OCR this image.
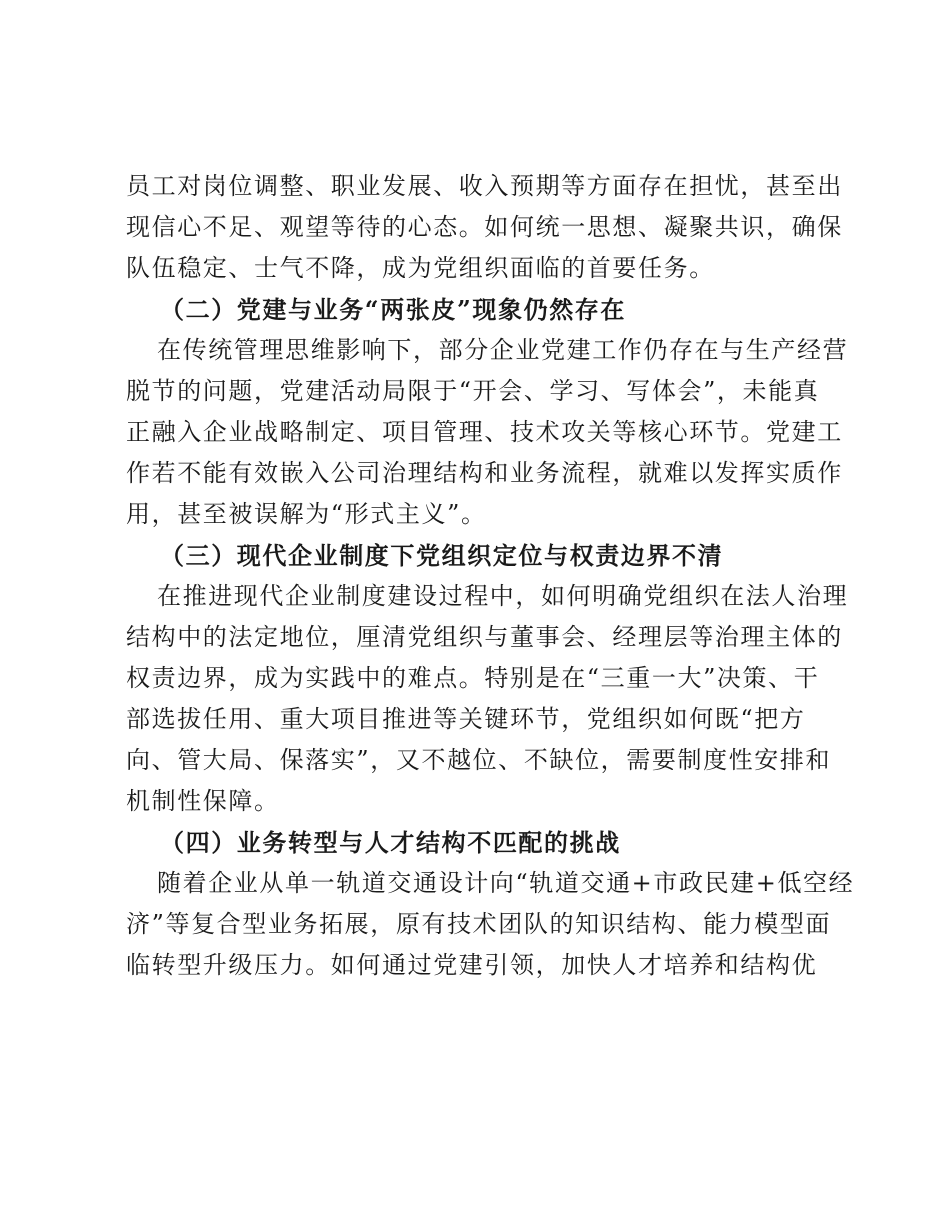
员工对岗位调整、职业发展、收入预期等方面存在担忧，甚至出
现信心不足、观望等待的心态。如何统一思想、凝聚共识，确保
队伍稳定、士气不降，成为党组织面临的首要任务。

（二）党建与业务“两张皮”现象仍然存在

在传统管理思维影响下，部分企业党建工作仍存在与生产经营
脱节的问题，党建活动局限于“开会、学习、写体会”，未能真
正融入企业战略制定、项目管理、技术攻关等核心环节。党建工
作若不能有效嵌入公司治理结构和业务流程，就难以发挥实质作
用，甚至被误解为“形式主义”。

（三）现代企业制度下党组织定位与权责边界不清

在推进现代企业制度建设过程中，如何明确党组织在法人治理
结构中的法定地位，厘清党组织与董事会、经理层等治理主体的
权责边界，成为实践中的难点。特别是在“三重一大”决策、干
部选拔任用、重大项目推进等关键环节，党组织如何既“把方
向、管大局、保落实”，又不越位、不缺位，需要制度性安排和
机制性保障。

（四）业务转型与人才结构不匹配的挑战

随着企业从单一轨道交通设计向“轨道交通+市政民建+低空经
济”等复合型业务拓展，原有技术团队的知识结构、能力模型面
临转型升级压力。如何通过党建引领，加快人才培养和结构优
